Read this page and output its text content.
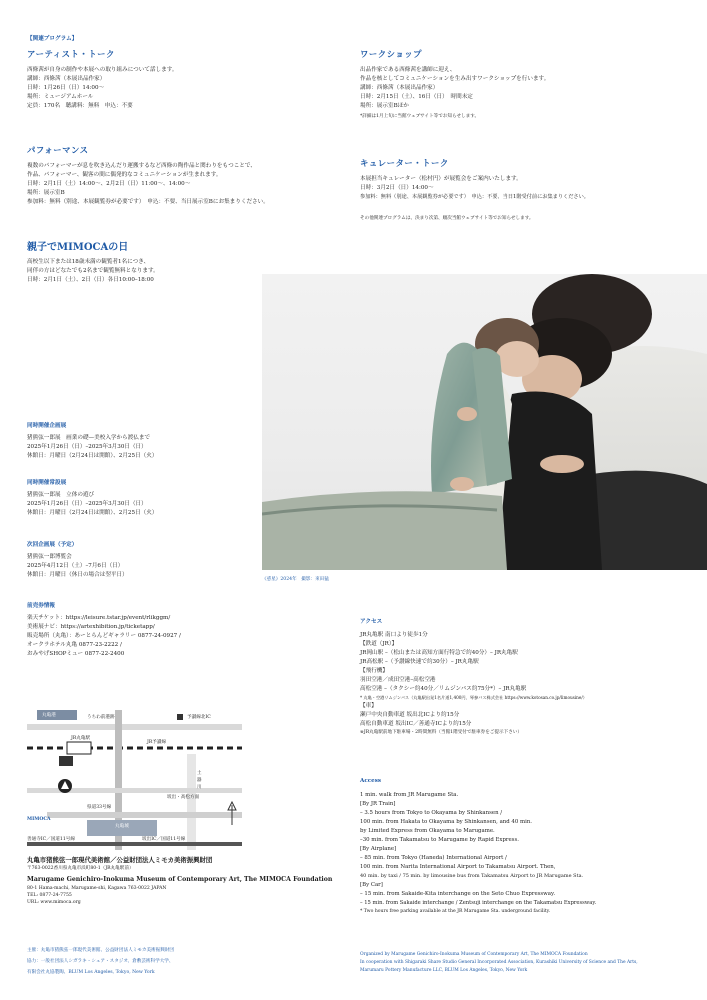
【関連プログラム】
アーティスト・トーク
西條茜が自身の制作や本展への取り組みについて話します。
講師：西條茜（本展出品作家）
日時：1月26日（日）14:00〜
場所：ミュージアムホール
定員：170名　聴講料：無料　申込：不要
パフォーマンス
複数のパフォーマーが息を吹き込んだり運搬するなど西條の陶作品と関わりをもつことで、
作品、パフォーマー、観客の間に偶発的なコミュニケーションが生まれます。
日時：2月1日（土）14:00〜、2月2日（日）11:00〜、14:00〜
場所：展示室B
参加料：無料（別途、本展観覧券が必要です）　申込：不要、当日展示室Bにお集まりください。
親子でMIMOCAの日
高校生以下または18歳未満の観覧者1名につき、
同伴の方はどなたでも2名まで観覧無料となります。
日時：2月1日（土）、2日（日）各日10:00–18:00
ワークショップ
出品作家である西條茜を講師に迎え、
作品を核としてコミュニケーションを生み出すワークショップを行います。
講師：西條茜（本展出品作家）
日時：2月15日（土）、16日（日）　時間未定
場所：展示室Bほか
*詳細は1月上旬に当館ウェブサイト等でお知らせします。
キュレーター・トーク
本展担当キュレーター（松村円）が展覧会をご案内いたします。
日時：3月2日（日）14:00〜
参加料：無料（別途、本展観覧券が必要です）　申込：不要、当日1階受付前にお集まりください。
その他関連プログラムは、決まり次第、順次当館ウェブサイト等でお知らせします。
《惑星》2024年　撮影：來田猛
同時開催企画展
猪熊弦一郎展　画業の礎—美校入学から渡仏まで
2025年1月26日（日）–2025年3月30日（日）
休館日：月曜日（2月24日は開館）、2月25日（火）
同時開催常設展
猪熊弦一郎展　立体の遊び
2025年1月26日（日）–2025年3月30日（日）
休館日：月曜日（2月24日は開館）、2月25日（火）
次回企画展（予定）
猪熊弦一郎博覧会
2025年4月12日（土）–7月6日（日）
休館日：月曜日（休日の場合は翌平日）
前売券情報
楽天チケット：https://leisure.tstar.jp/event/rlikggm/
美術展ナビ：https://artexhibition.jp/ticketapp/
販売場所（丸亀）：あーとらんどギャラリー 0877-24-0927 /
オークラホテル丸亀 0877-23-2222 /
おみやげSHOPミュー 0877-22-2400
丸亀港	うちわ前港跡	予讃線北IC
JR丸亀駅
JR予讃線
土器川
坂出・高松方面
県道33号線
丸亀城
MIMOCA
善通寺IC／国道11号線	坂出IC／国道11号線
丸亀市猪熊弦一郎現代美術館／公益財団法人ミモカ美術振興財団
〒763-0022香川県丸亀市浜町80-1（JR丸亀駅前）
Marugame Genichiro-Inokuma Museum of Contemporary Art, The MIMOCA Foundation
80-1 Hama-machi, Marugame-shi, Kagawa 763-0022 JAPAN
TEL: 0877-24-7755
URL: www.mimoca.org
アクセス
JR丸亀駅 南口より徒歩1分
【鉄道（JR）】
JR岡山駅 –（松山または高知方面行特急で約40分）– JR丸亀駅
JR高松駅 –（予讃線快速で約30分）– JR丸亀駅
【飛行機】
羽田空港／成田空港–高松空港
高松空港 –（タクシー約40分／リムジンバス約75分*）– JR丸亀駅
* 丸亀・空港リムジンバス（丸亀駅出発1名片道1,400円、琴参バス株式会社 https://www.kotosan.co.jp/limousine/）
【車】
瀬戸中央自動車道 坂出北ICより約15分
高松自動車道 坂出IC／善通寺ICより約15分
※JR丸亀駅前地下駐車場・2時間無料（当館1階受付で駐車券をご提示下さい）
Access
1 min. walk from JR Marugame Sta.
[By JR Train]
– 3.5 hours from Tokyo to Okayama by Shinkansen /
100 min. from Hakata to Okayama by Shinkansen, and 40 min.
by Limited Express from Okayama to Marugame.
–30 min. from Takamatsu to Marugame by Rapid Express.
[By Airplane]
– 85 min. from Tokyo (Haneda) International Airport /
100 min. from Narita International Airport to Takamatsu Airport. Then,
40 min. by taxi / 75 min. by limousine bus from Takamatsu Airport to JR Marugame Sta.
[By Car]
– 15 min. from Sakaide-Kita interchange on the Seto Chuo Expressway.
– 15 min. from Sakaide interchange / Zentsuji interchange on the Takamatsu Expressway.
* Two hours free parking available at the JR Marugame Sta. underground facility.
主催：丸亀市猪熊弦一郎現代美術館、公益財団法人ミモカ美術振興財団
協力：一般社団法人シガラキ・シェア・スタジオ、倉敷芸術科学大学、
有限会社丸協製陶、BLUM Los Angeles, Tokyo, New York
Organized by Marugame Genichiro-Inokuma Museum of Contemporary Art, The MIMOCA Foundation
In cooperation with Shigaraki Share Studio General Incorporated Association, Kurashiki University of Science and The Arts,
Marumaru Pottery Manufacture LLC, BLUM Los Angeles, Tokyo, New York
